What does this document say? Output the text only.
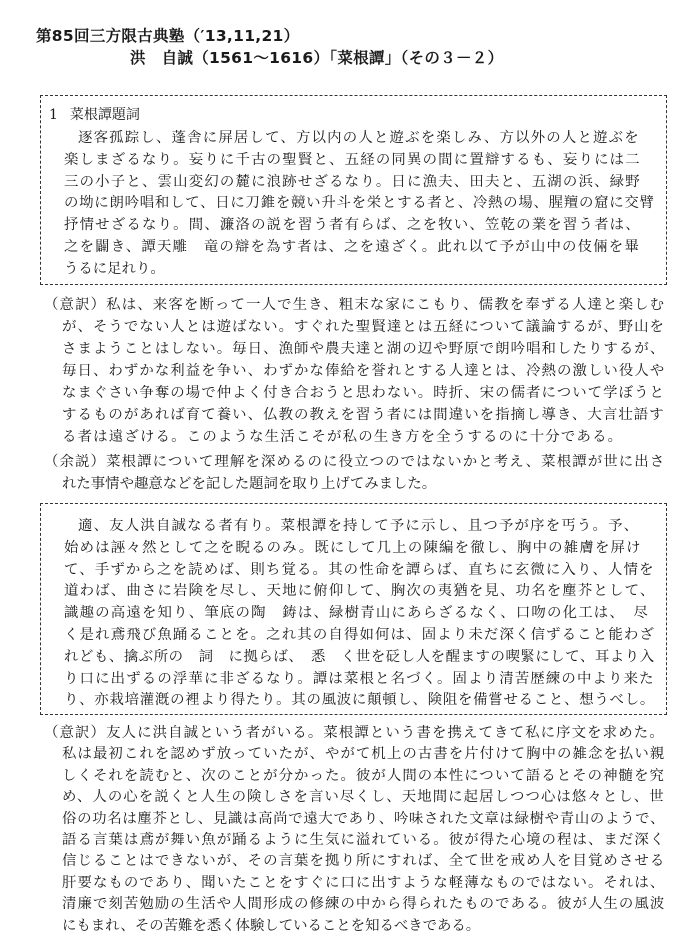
第85回三方限古典塾（′13,11,21）
洪　自誠（1561～1616）「菜根譚」（その３－２）
1 菜根譚題詞
逐客孤踪し、蓬舎に屏居して、方以内の人と遊ぶを楽しみ、方以外の人と遊ぶを
楽しまざるなり。妄りに千古の聖賢と、五経の同異の間に置辯するも、妄りには二
三の小子と、雲山変幻の麓に浪跡せざるなり。日に漁夫、田夫と、五湖の浜、緑野
の坳に朗吟唱和して、日に刀錐を競い升斗を栄とする者と、冷熱の場、腥羶の窟に交臂
抒情せざるなり。間、濂洛の説を習う者有らば、之を牧い、笠乾の業を習う者は、
之を闢き、譚天雕　竜の辯を為す者は、之を遠ざく。此れ以て予が山中の伎倆を畢
うるに足れり。
（意訳）私は、来客を断って一人で生き、粗末な家にこもり、儒教を奉ずる人達と楽しむ
が、そうでない人とは遊ばない。すぐれた聖賢達とは五経について議論するが、野山を
さまようことはしない。毎日、漁師や農夫達と湖の辺や野原で朗吟唱和したりするが、
毎日、わずかな利益を争い、わずかな俸給を誉れとする人達とは、冷熱の激しい役人や
なまぐさい争奪の場で仲よく付き合おうと思わない。時折、宋の儒者について学ぼうと
するものがあれば育て養い、仏教の教えを習う者には間違いを指摘し導き、大言壮語す
る者は遠ざける。このような生活こそが私の生き方を全うするのに十分である。
（余説）菜根譚について理解を深めるのに役立つのではないかと考え、菜根譚が世に出さ
れた事情や趣意などを記した題詞を取り上げてみました。
適、友人洪自誠なる者有り。菜根譚を持して予に示し、且つ予が序を丐う。予、
始めは誣々然として之を睨るのみ。既にして几上の陳編を徹し、胸中の雑膚を屏け
て、手ずから之を読めば、則ち覚る。其の性命を譚らば、直ちに玄微に入り、人情を
道わば、曲さに岩険を尽し、天地に俯仰して、胸次の夷猶を見、功名を塵芥として、
識趣の高遠を知り、筆底の陶　鋳は、緑樹青山にあらざるなく、口吻の化工は、　尽
く是れ鳶飛び魚踊ることを。之れ其の自得如何は、固より未だ深く信ずること能わざ
れども、擒ぶ所の　詞　に拠らば、　悉　く世を砭し人を醒ますの喫緊にして、耳より入
り口に出ずるの浮華に非ざるなり。譚は菜根と名づく。固より清苦歴練の中より来た
り、亦栽培灌漑の裡より得たり。其の風波に顛頓し、険阻を備嘗せること、想うべし。
（意訳）友人に洪自誠という者がいる。菜根譚という書を携えてきて私に序文を求めた。
私は最初これを認めず放っていたが、やがて机上の古書を片付けて胸中の雑念を払い親
しくそれを読むと、次のことが分かった。彼が人間の本性について語るとその神髄を究
め、人の心を説くと人生の険しさを言い尽くし、天地間に起居しつつ心は悠々とし、世
俗の功名は塵芥とし、見識は高尚で遠大であり、吟味された文章は緑樹や青山のようで、
語る言葉は鳶が舞い魚が踊るように生気に溢れている。彼が得た心境の程は、まだ深く
信じることはできないが、その言葉を拠り所にすれば、全て世を戒め人を目覚めさせる
肝要なものであり、聞いたことをすぐに口に出すような軽薄なものではない。それは、
清廉で刻苦勉励の生活や人間形成の修練の中から得られたものである。彼が人生の風波
にもまれ、その苦難を悉く体験していることを知るべきである。
